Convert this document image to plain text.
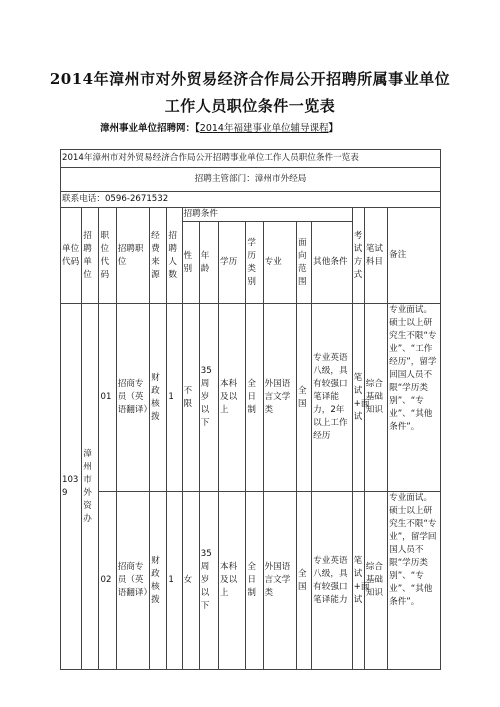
2014年漳州市对外贸易经济合作局公开招聘所属事业单位
工作人员职位条件一览表
漳州事业单位招聘网：【2014年福建事业单位辅导课程】
2014年漳州市对外贸易经济合作局公开招聘事业单位工作人员职位条件一览表															
招聘主管部门：漳州市外经局															
联系电话：0596-2671532															
单位代码	招聘单位	职位代码	招聘职位	经费来源	招聘人数	招聘条件							考试方式	笔试科目	备注
						性别	年龄	学历	学历类别	专业	面向范围	其他条件			
1039	漳州市外资办	01	招商专员（英语翻译）	财政核拨	1	不限	35周岁以下	本科及以上	全日制	外国语言文学类	全国	专业英语八级，具有较强口笔译能力，2年以上工作经历	笔试+面试	综合基础知识	专业面试。硕士以上研究生不限“专业”、“工作经历”，留学回国人员不限“学历类别”、“专业”、“其他条件”。
		02	招商专员（英语翻译）	财政核拨	1	女	35周岁以下	本科及以上	全日制	外国语言文学类	全国	专业英语八级，具有较强口笔译能力	笔试+面试	综合基础知识	专业面试。硕士以上研究生不限“专业”，留学回国人员不限“学历类别”、“专业”、“其他条件”。
